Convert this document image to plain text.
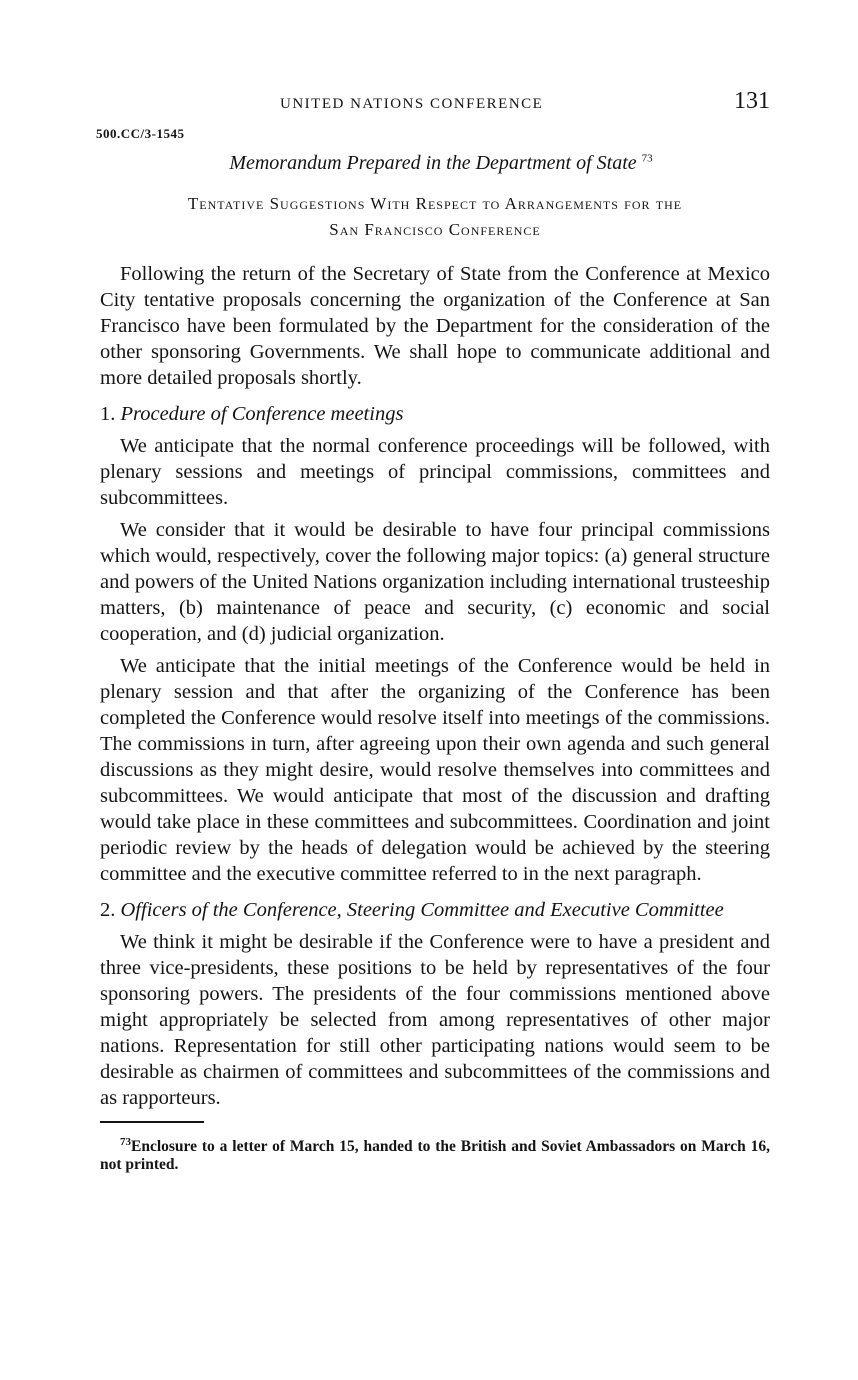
UNITED NATIONS CONFERENCE	131
500.CC/3-1545
Memorandum Prepared in the Department of State $^{73}$
Tentative Suggestions With Respect to Arrangements for the
San Francisco Conference

Following the return of the Secretary of State from the Conference at Mexico City tentative proposals concerning the organization of the Conference at San Francisco have been formulated by the Department for the consideration of the other sponsoring Governments. We shall hope to communicate additional and more detailed proposals shortly.

1. Procedure of Conference meetings

We anticipate that the normal conference proceedings will be followed, with plenary sessions and meetings of principal commissions, committees and subcommittees.

We consider that it would be desirable to have four principal commissions which would, respectively, cover the following major topics: (a) general structure and powers of the United Nations organization including international trusteeship matters, (b) maintenance of peace and security, (c) economic and social cooperation, and (d) judicial organization.

We anticipate that the initial meetings of the Conference would be held in plenary session and that after the organizing of the Conference has been completed the Conference would resolve itself into meetings of the commissions. The commissions in turn, after agreeing upon their own agenda and such general discussions as they might desire, would resolve themselves into committees and subcommittees. We would anticipate that most of the discussion and drafting would take place in these committees and subcommittees. Coordination and joint periodic review by the heads of delegation would be achieved by the steering committee and the executive committee referred to in the next paragraph.

2. Officers of the Conference, Steering Committee and Executive Committee

We think it might be desirable if the Conference were to have a president and three vice-presidents, these positions to be held by representatives of the four sponsoring powers. The presidents of the four commissions mentioned above might appropriately be selected from among representatives of other major nations. Representation for still other participating nations would seem to be desirable as chairmen of committees and subcommittees of the commissions and as rapporteurs.

$^{73}$Enclosure to a letter of March 15, handed to the British and Soviet Ambassadors on March 16, not printed.
